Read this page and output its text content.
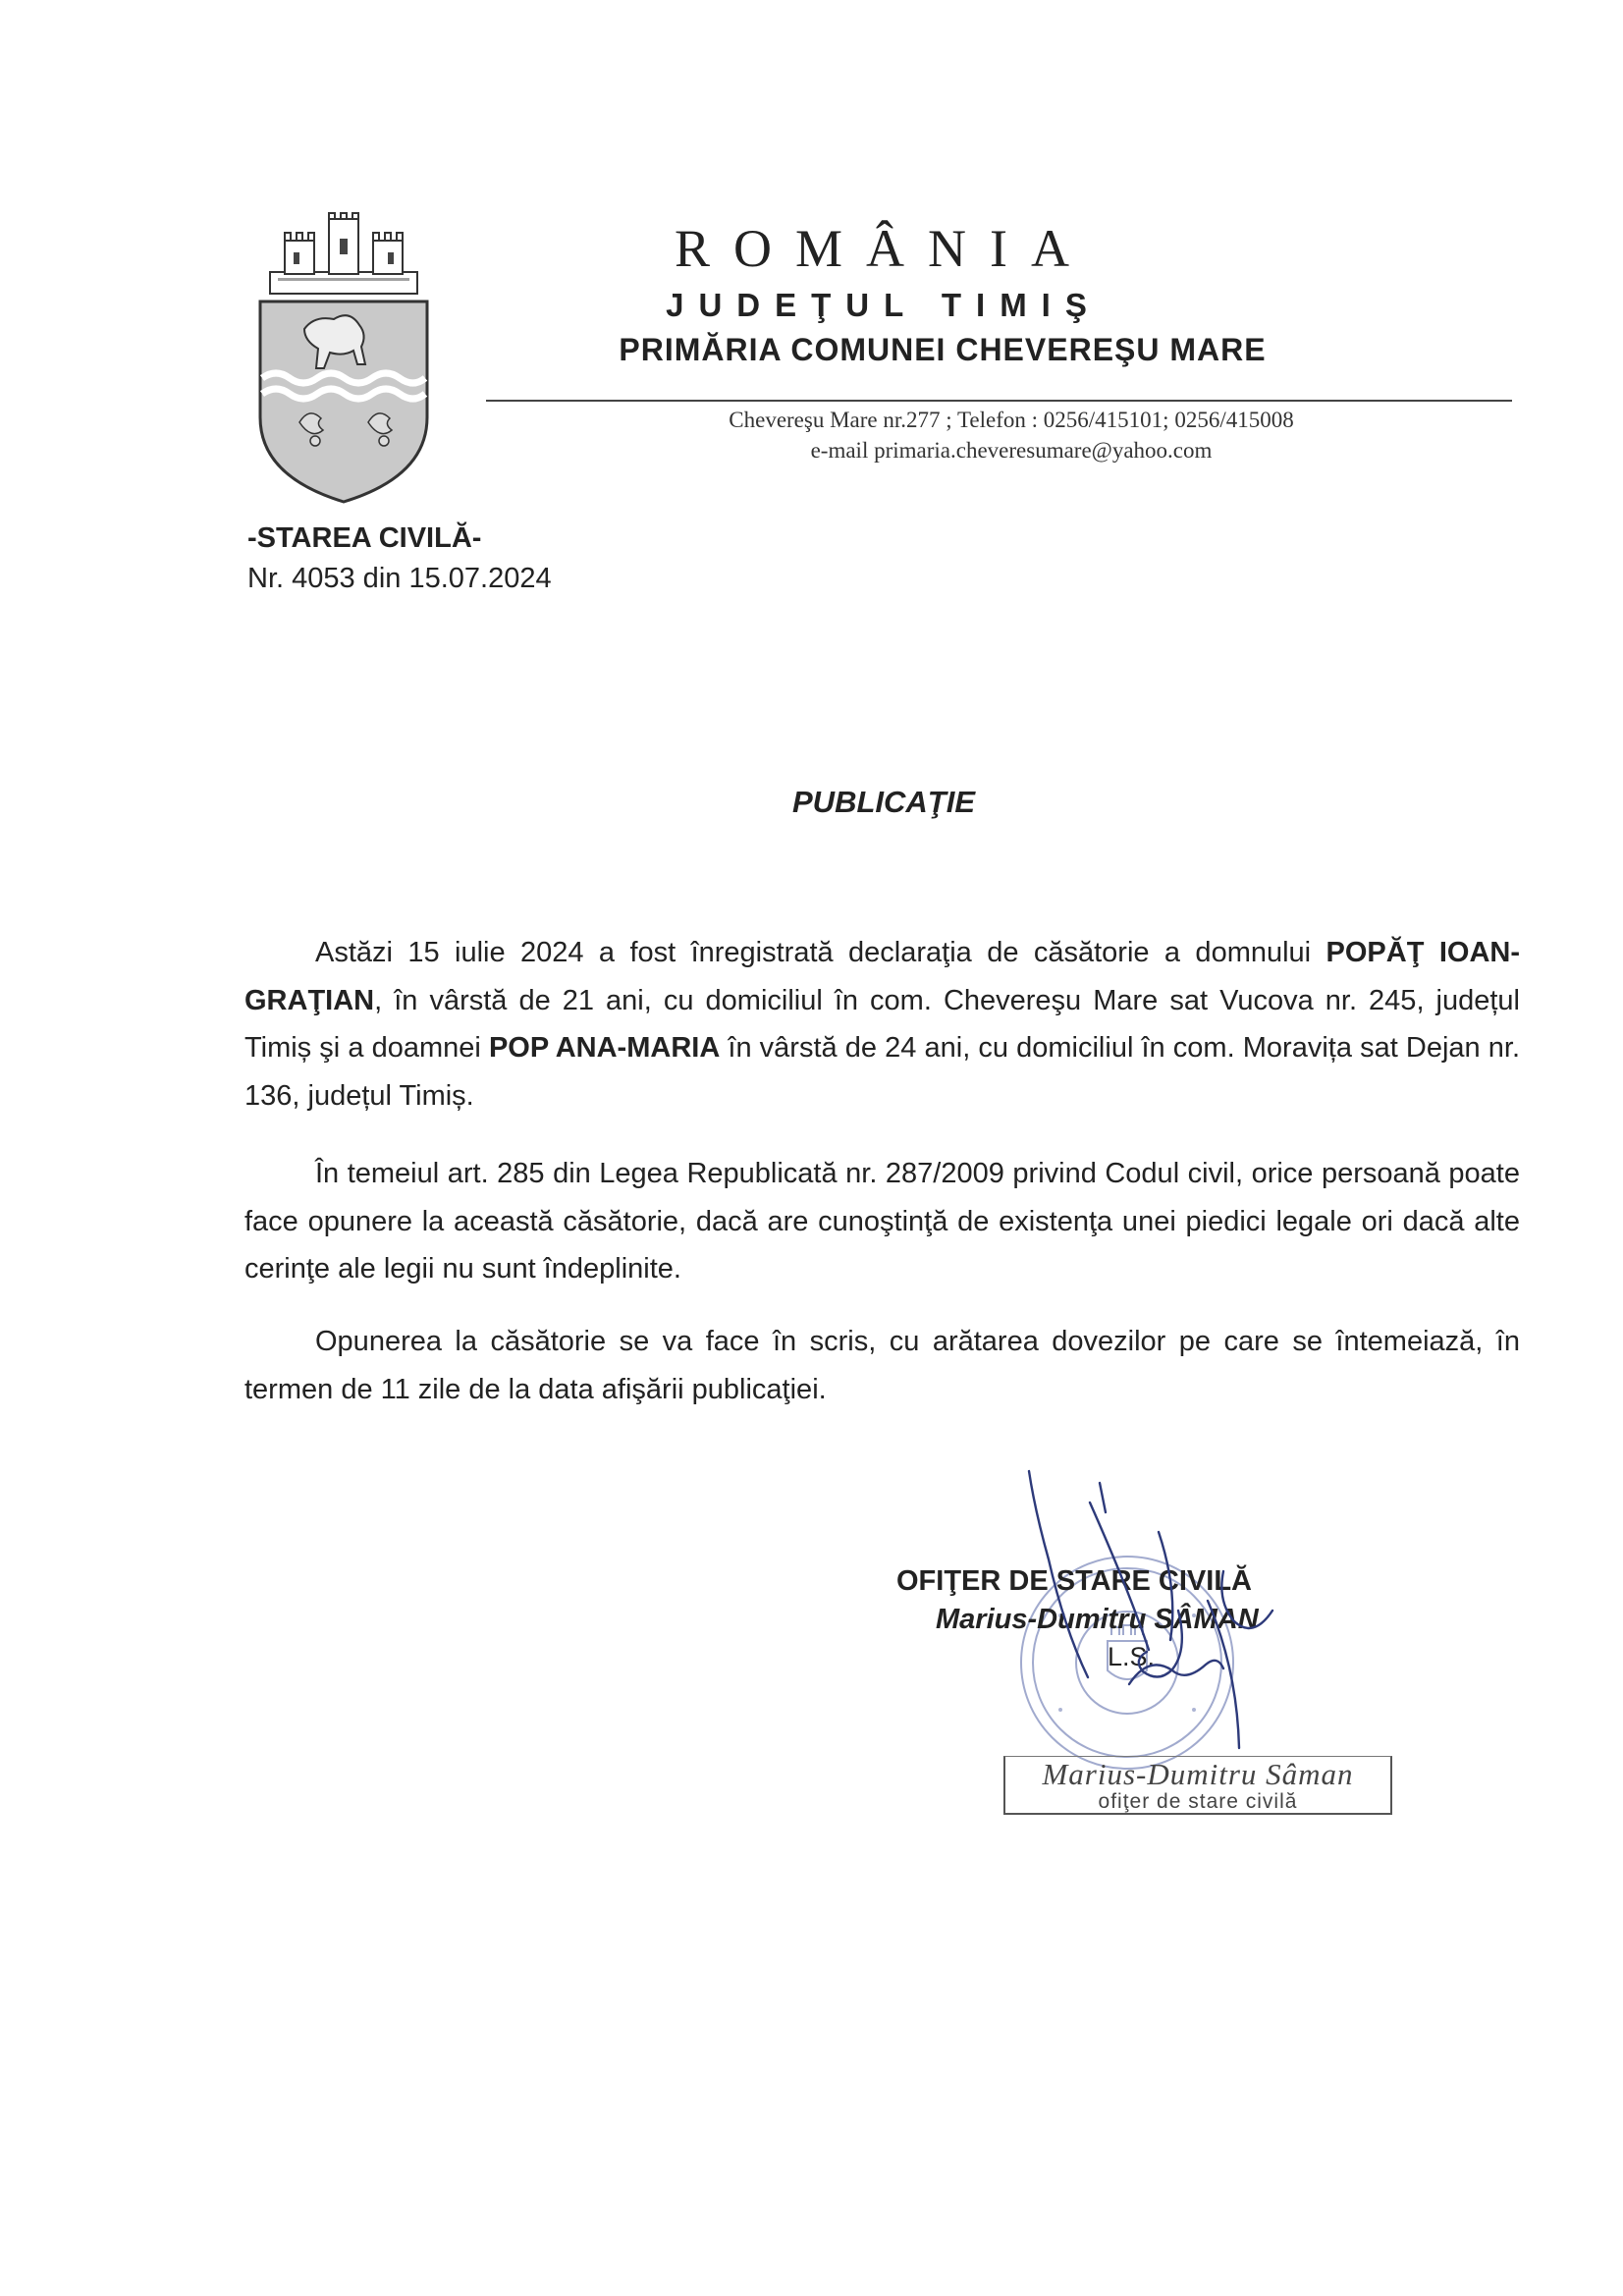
ROMÂNIA
JUDEŢUL TIMIŞ
PRIMĂRIA COMUNEI CHEVEREŞU MARE
Chevereşu Mare nr.277 ; Telefon : 0256/415101; 0256/415008
e-mail primaria.cheveresumare@yahoo.com
-STAREA CIVILĂ-
Nr. 4053 din 15.07.2024
PUBLICAŢIE

Astăzi 15 iulie 2024 a fost înregistrată declaraţia de căsătorie a domnului POPĂŢ IOAN-GRAŢIAN, în vârstă de 21 ani, cu domiciliul în com. Chevereşu Mare sat Vucova nr. 245, județul Timiș şi a doamnei POP ANA-MARIA în vârstă de 24 ani, cu domiciliul în com. Moravița sat Dejan nr. 136, județul Timiș.

În temeiul art. 285 din Legea Republicată nr. 287/2009 privind Codul civil, orice persoană poate face opunere la această căsătorie, dacă are cunoştinţă de existenţa unei piedici legale ori dacă alte cerinţe ale legii nu sunt îndeplinite.

Opunerea la căsătorie se va face în scris, cu arătarea dovezilor pe care se întemeiază, în termen de 11 zile de la data afişării publicaţiei.

OFIŢER DE STARE CIVILĂ
Marius-Dumitru SÂMAN
L.S.
Marius-Dumitru Sâman
ofiţer de stare civilă
